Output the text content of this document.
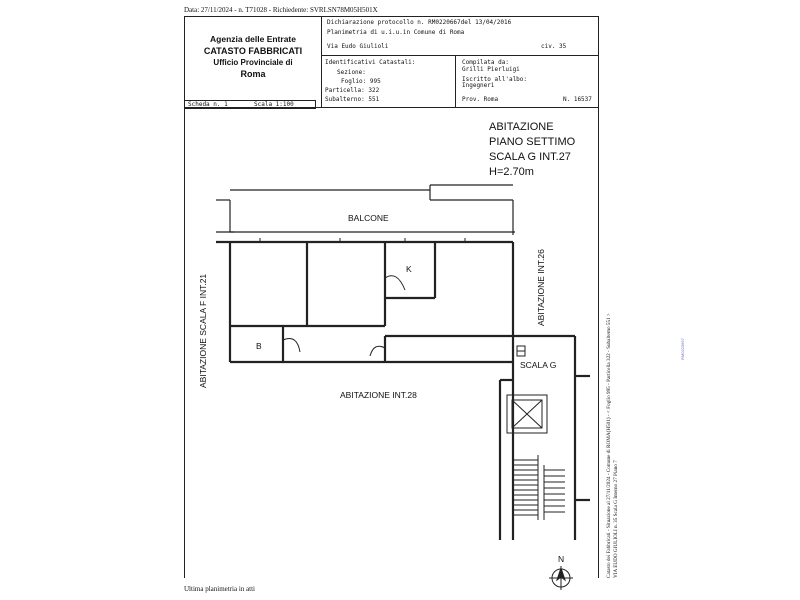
Data: 27/11/2024 - n. T71028 - Richiedente: SVRLSN78M05H501X
Agenzia delle Entrate
CATASTO FABBRICATI
Ufficio Provinciale di
Roma
Dichiarazione protocollo n. RM0220667del 13/04/2016
Planimetria di u.i.u.in Comune di Roma
Via Eudo Giulioli	civ. 35
Identificativi Catastali:
Sezione:
Foglio: 995
Particella: 322
Subalterno: 551
Compilata da:
Grilli Pierluigi
Iscritto all'albo:
Ingegneri
Prov. Roma	N. 16537
Scheda n. 1	Scala 1:100
BALCONE
K
B
SCALA G
ABITAZIONE INT.28
N
ABITAZIONE INT.26
ABITAZIONE SCALA F INT.21
ABITAZIONE
PIANO SETTIMO
SCALA G INT.27
H=2.70m
Ultima planimetria in atti
Catasto dei Fabbricati - Situazione al 27/11/2024 - Comune di ROMA(H501) - < Foglio 995 - Particella 322 - Subalterno 551 > VIA EUDO GIULIOLI n. 35 Scala G Interno 27 Piano 7
RM0220667
